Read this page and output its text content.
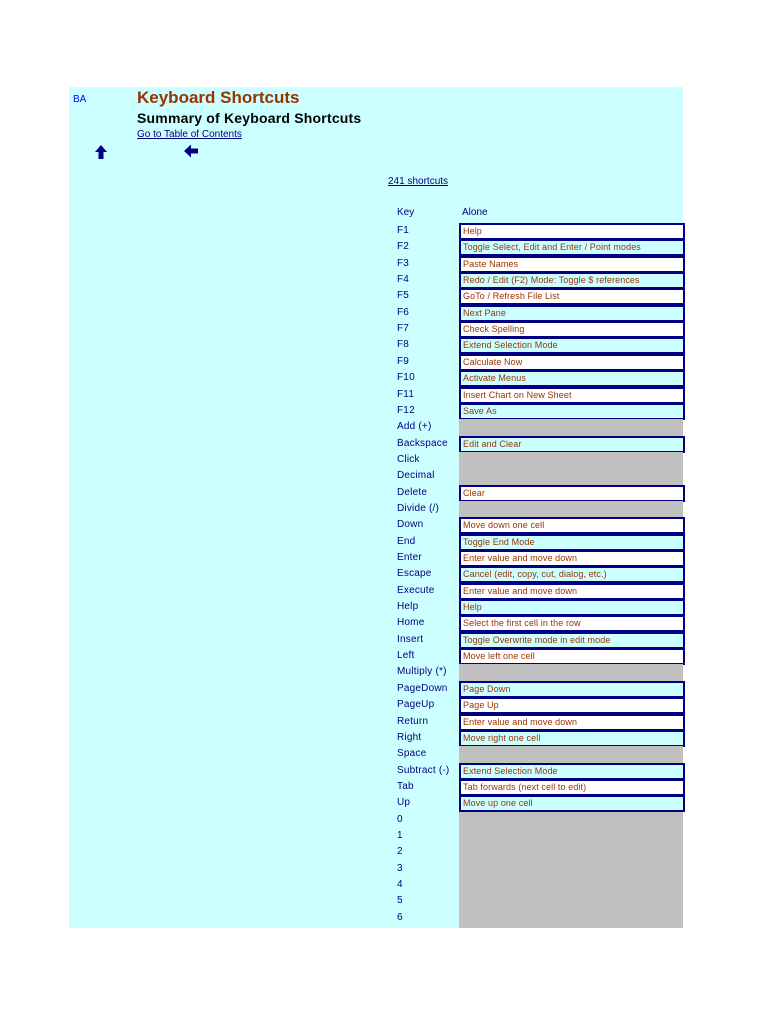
BA	Keyboard Shortcuts
Summary of Keyboard Shortcuts
Go to Table of Contents
241 shortcuts
Key	Alone
F1	Help
F2	Toggle Select, Edit and Enter / Point modes
F3	Paste Names
F4	Redo / Edit (F2) Mode: Toggle $ references
F5	GoTo / Refresh File List
F6	Next Pane
F7	Check Spelling
F8	Extend Selection Mode
F9	Calculate Now
F10	Activate Menus
F11	Insert Chart on New Sheet
F12	Save As
Add (+)
Backspace	Edit and Clear
Click
Decimal
Delete	Clear
Divide (/)
Down	Move down one cell
End	Toggle End Mode
Enter	Enter value and move down
Escape	Cancel (edit, copy, cut, dialog, etc.)
Execute	Enter value and move down
Help	Help
Home	Select the first cell in the row
Insert	Toggle Overwrite mode in edit mode
Left	Move left one cell
Multiply (*)
PageDown	Page Down
PageUp	Page Up
Return	Enter value and move down
Right	Move right one cell
Space
Subtract (-)	Extend Selection Mode
Tab	Tab forwards (next cell to edit)
Up	Move up one cell
0
1
2
3
4
5
6
